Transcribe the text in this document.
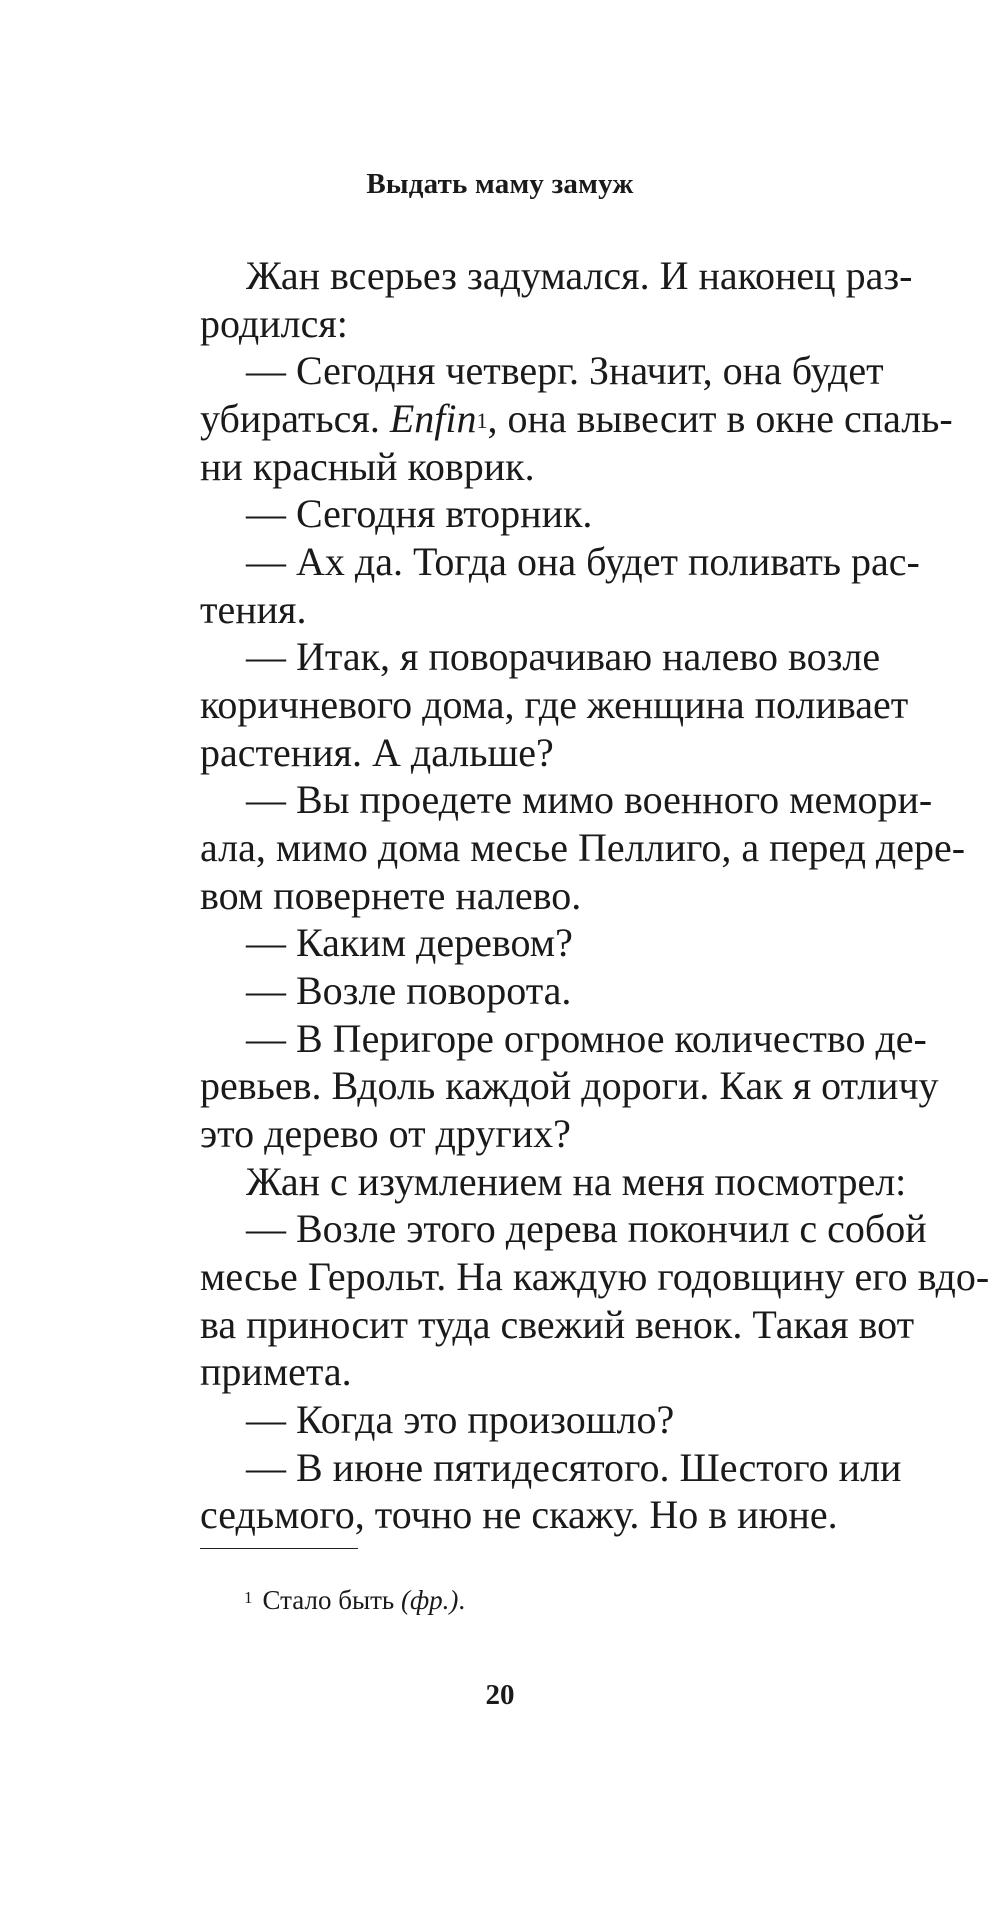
Выдать маму замуж
Жан всерьез задумался. И наконец раз-
родился:
— Сегодня четверг. Значит, она будет
убираться. Enfin$^1$, она вывесит в окне спаль-
ни красный коврик.
— Сегодня вторник.
— Ах да. Тогда она будет поливать рас-
тения.
— Итак, я поворачиваю налево возле
коричневого дома, где женщина поливает
растения. А дальше?
— Вы проедете мимо военного мемори-
ала, мимо дома месье Пеллиго, а перед дере-
вом повернете налево.
— Каким деревом?
— Возле поворота.
— В Перигоре огромное количество де-
ревьев. Вдоль каждой дороги. Как я отличу
это дерево от других?
Жан с изумлением на меня посмотрел:
— Возле этого дерева покончил с собой
месье Герольт. На каждую годовщину его вдо-
ва приносит туда свежий венок. Такая вот
примета.
— Когда это произошло?
— В июне пятидесятого. Шестого или
седьмого, точно не скажу. Но в июне.
$^1$ Стало быть (фр.).
20
